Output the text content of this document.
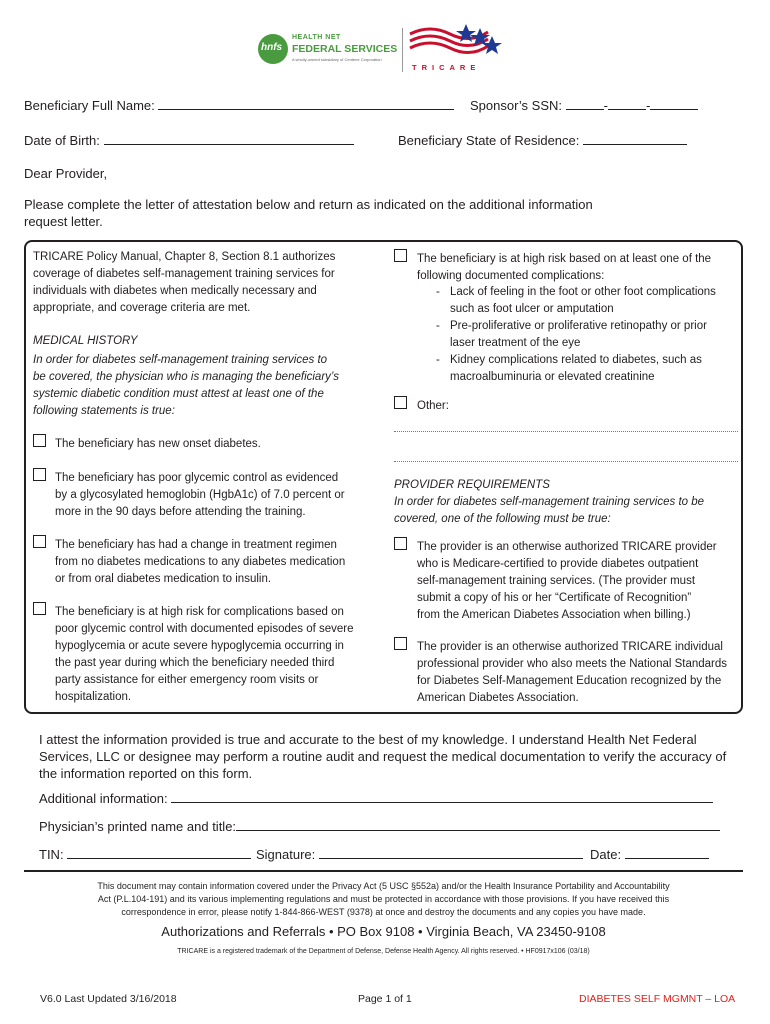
hnfs
HEALTH NET
FEDERAL SERVICES
A wholly-owned subsidiary of Centene Corporation
TRICARE
Beneficiary Full Name:	Sponsor’s SSN:	-	-
Date of Birth:	Beneficiary State of Residence:
Dear Provider,
Please complete the letter of attestation below and return as indicated on the additional information
request letter.
TRICARE Policy Manual, Chapter 8, Section 8.1 authorizes
coverage of diabetes self-management training services for
individuals with diabetes when medically necessary and
appropriate, and coverage criteria are met.
MEDICAL HISTORY
In order for diabetes self-management training services to
be covered, the physician who is managing the beneficiary’s
systemic diabetic condition must attest at least one of the
following statements is true:
The beneficiary has new onset diabetes.
The beneficiary has poor glycemic control as evidenced
by a glycosylated hemoglobin (HgbA1c) of 7.0 percent or
more in the 90 days before attending the training.
The beneficiary has had a change in treatment regimen
from no diabetes medications to any diabetes medication
or from oral diabetes medication to insulin.
The beneficiary is at high risk for complications based on
poor glycemic control with documented episodes of severe
hypoglycemia or acute severe hypoglycemia occurring in
the past year during which the beneficiary needed third
party assistance for either emergency room visits or
hospitalization.
The beneficiary is at high risk based on at least one of the
following documented complications:
- Lack of feeling in the foot or other foot complications
such as foot ulcer or amputation
- Pre-proliferative or proliferative retinopathy or prior
laser treatment of the eye
- Kidney complications related to diabetes, such as
macroalbuminuria or elevated creatinine
Other:
PROVIDER REQUIREMENTS
In order for diabetes self-management training services to be
covered, one of the following must be true:
The provider is an otherwise authorized TRICARE provider
who is Medicare-certified to provide diabetes outpatient
self-management training services. (The provider must
submit a copy of his or her “Certificate of Recognition”
from the American Diabetes Association when billing.)
The provider is an otherwise authorized TRICARE individual
professional provider who also meets the National Standards
for Diabetes Self-Management Education recognized by the
American Diabetes Association.
I attest the information provided is true and accurate to the best of my knowledge. I understand Health Net Federal
Services, LLC or designee may perform a routine audit and request the medical documentation to verify the accuracy of
the information reported on this form.
Additional information:
Physician’s printed name and title:
TIN:	Signature:	Date:
This document may contain information covered under the Privacy Act (5 USC §552a) and/or the Health Insurance Portability and Accountability
Act (P.L.104-191) and its various implementing regulations and must be protected in accordance with those provisions. If you have received this
correspondence in error, please notify 1-844-866-WEST (9378) at once and destroy the documents and any copies you have made.
Authorizations and Referrals • PO Box 9108 • Virginia Beach, VA 23450-9108
TRICARE is a registered trademark of the Department of Defense, Defense Health Agency. All rights reserved. • HF0917x106 (03/18)
V6.0 Last Updated 3/16/2018	Page 1 of 1	DIABETES SELF MGMNT – LOA
